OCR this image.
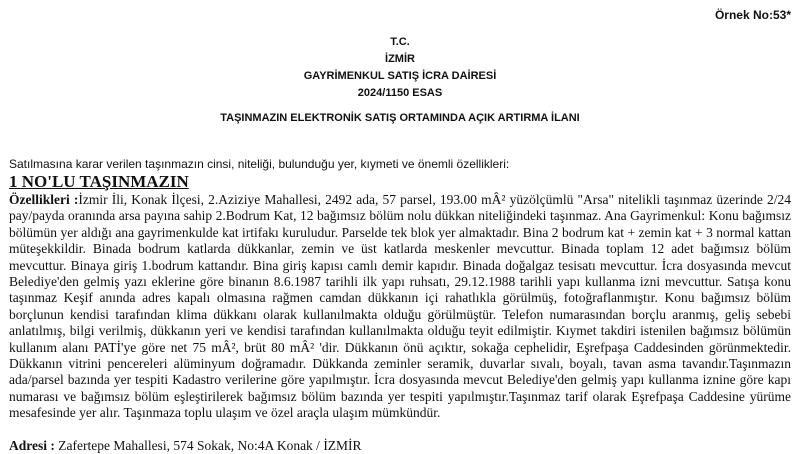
Örnek No:53*
T.C.
İZMİR
GAYRİMENKUL SATIŞ İCRA DAİRESİ
2024/1150 ESAS
TAŞINMAZIN ELEKTRONİK SATIŞ ORTAMINDA AÇIK ARTIRMA İLANI
Satılmasına karar verilen taşınmazın cinsi, niteliği, bulunduğu yer, kıymeti ve önemli özellikleri:
1 NO'LU TAŞINMAZIN

Özellikleri :İzmir İli, Konak İlçesi, 2.Aziziye Mahallesi, 2492 ada, 57 parsel, 193.00 mÂ² yüzölçümlü "Arsa" nitelikli taşınmaz üzerinde 2/24 pay/payda oranında arsa payına sahip 2.Bodrum Kat, 12 bağımsız bölüm nolu dükkan niteliğindeki taşınmaz. Ana Gayrimenkul: Konu bağımsız bölümün yer aldığı ana gayrimenkulde kat irtifakı kuruludur. Parselde tek blok yer almaktadır. Bina 2 bodrum kat + zemin kat + 3 normal kattan müteşekkildir. Binada bodrum katlarda dükkanlar, zemin ve üst katlarda meskenler mevcuttur. Binada toplam 12 adet bağımsız bölüm mevcuttur. Binaya giriş 1.bodrum kattandır. Bina giriş kapısı camlı demir kapıdır. Binada doğalgaz tesisatı mevcuttur. İcra dosyasında mevcut Belediye'den gelmiş yazı eklerine göre binanın 8.6.1987 tarihli ilk yapı ruhsatı, 29.12.1988 tarihli yapı kullanma izni mevcuttur. Satışa konu taşınmaz Keşif anında adres kapalı olmasına rağmen camdan dükkanın içi rahatlıkla görülmüş, fotoğraflanmıştır. Konu bağımsız bölüm borçlunun kendisi tarafından klima dükkanı olarak kullanılmakta olduğu görülmüştür. Telefon numarasından borçlu aranmış, geliş sebebi anlatılmış, bilgi verilmiş, dükkanın yeri ve kendisi tarafından kullanılmakta olduğu teyit edilmiştir. Kıymet takdiri istenilen bağımsız bölümün kullanım alanı PATİ'ye göre net 75 mÂ², brüt 80 mÂ² 'dir. Dükkanın önü açıktır, sokağa cephelidir, Eşrefpaşa Caddesinden görünmektedir. Dükkanın vitrini pencereleri alüminyum doğramadır. Dükkanda zeminler seramik, duvarlar sıvalı, boyalı, tavan asma tavandır.Taşınmazın ada/parsel bazında yer tespiti Kadastro verilerine göre yapılmıştır. İcra dosyasında mevcut Belediye'den gelmiş yapı kullanma iznine göre kapı numarası ve bağımsız bölüm eşleştirilerek bağımsız bölüm bazında yer tespiti yapılmıştır.Taşınmaz tarif olarak Eşrefpaşa Caddesine yürüme mesafesinde yer alır. Taşınmaza toplu ulaşım ve özel araçla ulaşım mümkündür.

Adresi : Zafertepe Mahallesi, 574 Sokak, No:4A Konak / İZMİR
